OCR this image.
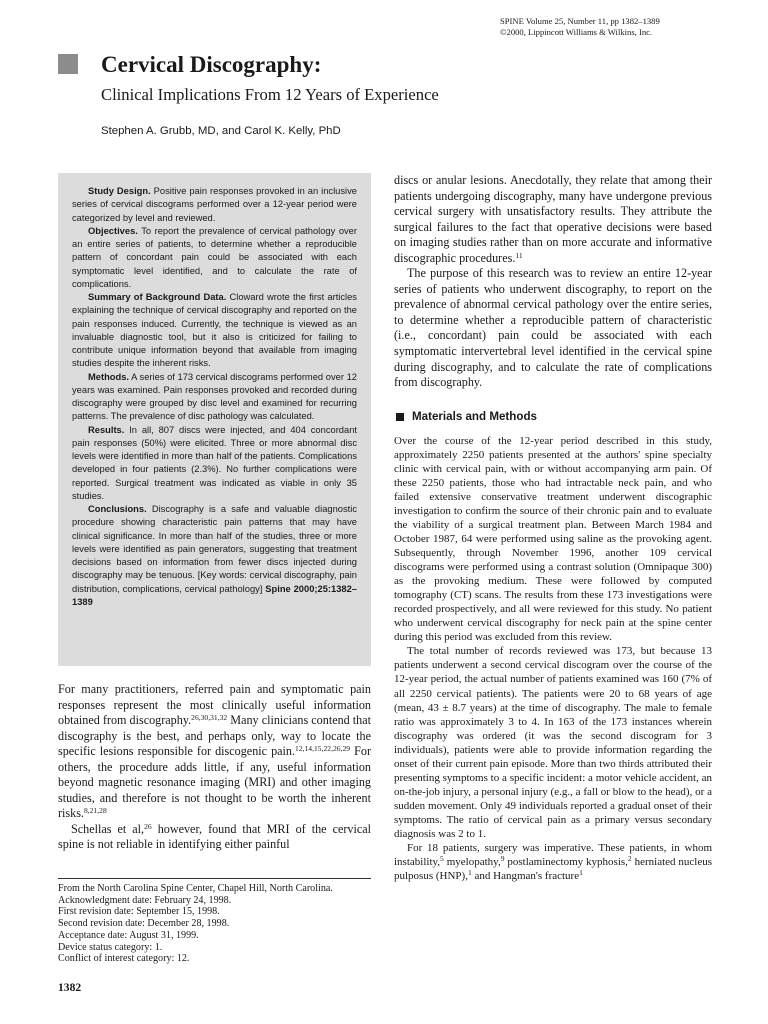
SPINE Volume 25, Number 11, pp 1382–1389
©2000, Lippincott Williams & Wilkins, Inc.
Cervical Discography:
Clinical Implications From 12 Years of Experience

Stephen A. Grubb, MD, and Carol K. Kelly, PhD

Study Design. Positive pain responses provoked in an inclusive series of cervical discograms performed over a 12-year period were categorized by level and reviewed.

Objectives. To report the prevalence of cervical pathology over an entire series of patients, to determine whether a reproducible pattern of concordant pain could be associated with each symptomatic level identified, and to calculate the rate of complications.

Summary of Background Data. Cloward wrote the first articles explaining the technique of cervical discography and reported on the pain responses induced. Currently, the technique is viewed as an invaluable diagnostic tool, but it also is criticized for failing to contribute unique information beyond that available from imaging studies despite the inherent risks.

Methods. A series of 173 cervical discograms performed over 12 years was examined. Pain responses provoked and recorded during discography were grouped by disc level and examined for recurring patterns. The prevalence of disc pathology was calculated.

Results. In all, 807 discs were injected, and 404 concordant pain responses (50%) were elicited. Three or more abnormal disc levels were identified in more than half of the patients. Complications developed in four patients (2.3%). No further complications were reported. Surgical treatment was indicated as viable in only 35 studies.

Conclusions. Discography is a safe and valuable diagnostic procedure showing characteristic pain patterns that may have clinical significance. In more than half of the studies, three or more levels were identified as pain generators, suggesting that treatment decisions based on information from fewer discs injected during discography may be tenuous. [Key words: cervical discography, pain distribution, complications, cervical pathology] Spine 2000;25:1382–1389

For many practitioners, referred pain and symptomatic pain responses represent the most clinically useful information obtained from discography.$^{26,30,31,32}$ Many clinicians contend that discography is the best, and perhaps only, way to locate the specific lesions responsible for discogenic pain.$^{12,14,15,22,26,29}$ For others, the procedure adds little, if any, useful information beyond magnetic resonance imaging (MRI) and other imaging studies, and therefore is not thought to be worth the inherent risks.$^{8,21,28}$

Schellas et al,$^{26}$ however, found that MRI of the cervical spine is not reliable in identifying either painful

From the North Carolina Spine Center, Chapel Hill, North Carolina.
Acknowledgment date: February 24, 1998.
First revision date: September 15, 1998.
Second revision date: December 28, 1998.
Acceptance date: August 31, 1999.
Device status category: 1.
Conflict of interest category: 12.

discs or anular lesions. Anecdotally, they relate that among their patients undergoing discography, many have undergone previous cervical surgery with unsatisfactory results. They attribute the surgical failures to the fact that operative decisions were based on imaging studies rather than on more accurate and informative discographic procedures.$^{11}$

The purpose of this research was to review an entire 12-year series of patients who underwent discography, to report on the prevalence of abnormal cervical pathology over the entire series, to determine whether a reproducible pattern of characteristic (i.e., concordant) pain could be associated with each symptomatic intervertebral level identified in the cervical spine during discography, and to calculate the rate of complications from discography.

Materials and Methods

Over the course of the 12-year period described in this study, approximately 2250 patients presented at the authors' spine specialty clinic with cervical pain, with or without accompanying arm pain. Of these 2250 patients, those who had intractable neck pain, and who failed extensive conservative treatment underwent discographic investigation to confirm the source of their chronic pain and to evaluate the viability of a surgical treatment plan. Between March 1984 and October 1987, 64 were performed using saline as the provoking agent. Subsequently, through November 1996, another 109 cervical discograms were performed using a contrast solution (Omnipaque 300) as the provoking medium. These were followed by computed tomography (CT) scans. The results from these 173 investigations were recorded prospectively, and all were reviewed for this study. No patient who underwent cervical discography for neck pain at the spine center during this period was excluded from this review.

The total number of records reviewed was 173, but because 13 patients underwent a second cervical discogram over the course of the 12-year period, the actual number of patients examined was 160 (7% of all 2250 cervical patients). The patients were 20 to 68 years of age (mean, 43 ± 8.7 years) at the time of discography. The male to female ratio was approximately 3 to 4. In 163 of the 173 instances wherein discography was ordered (it was the second discogram for 3 individuals), patients were able to provide information regarding the onset of their current pain episode. More than two thirds attributed their presenting symptoms to a specific incident: a motor vehicle accident, an on-the-job injury, a personal injury (e.g., a fall or blow to the head), or a sudden movement. Only 49 individuals reported a gradual onset of their symptoms. The ratio of cervical pain as a primary versus secondary diagnosis was 2 to 1.

For 18 patients, surgery was imperative. These patients, in whom instability,$^5$ myelopathy,$^9$ postlaminectomy kyphosis,$^2$ herniated nucleus pulposus (HNP),$^1$ and Hangman's fracture$^1$

1382
